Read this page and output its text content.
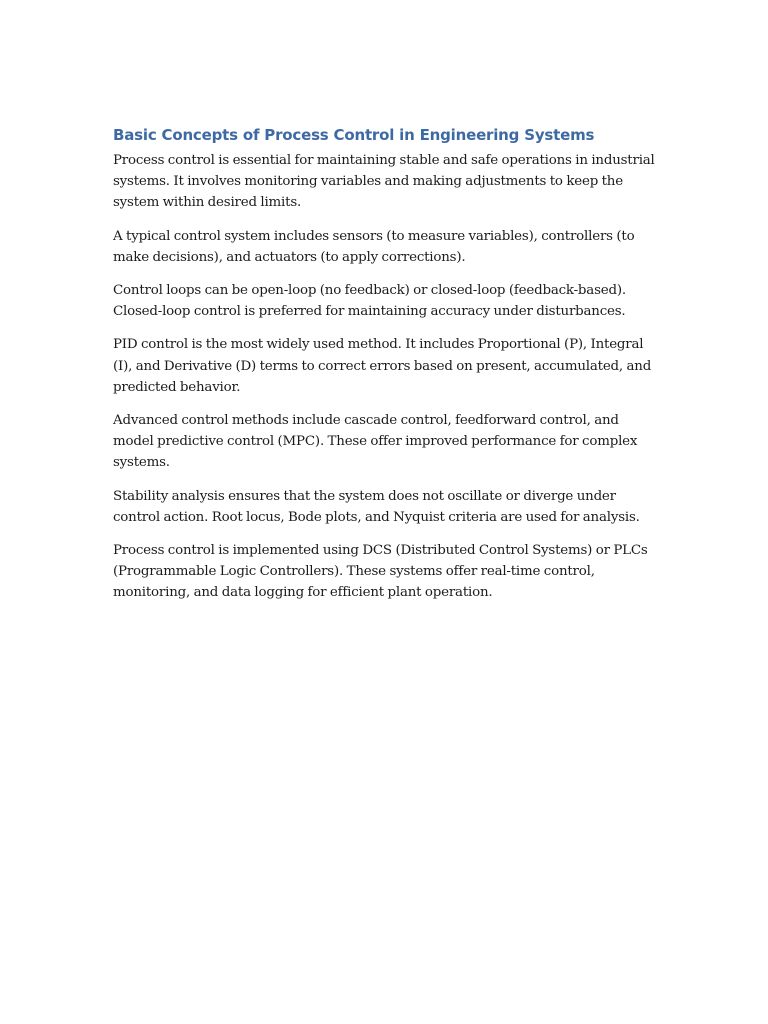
Basic Concepts of Process Control in Engineering Systems

Process control is essential for maintaining stable and safe operations in industrial systems. It involves monitoring variables and making adjustments to keep the system within desired limits.

A typical control system includes sensors (to measure variables), controllers (to make decisions), and actuators (to apply corrections).

Control loops can be open-loop (no feedback) or closed-loop (feedback-based). Closed-loop control is preferred for maintaining accuracy under disturbances.

PID control is the most widely used method. It includes Proportional (P), Integral (I), and Derivative (D) terms to correct errors based on present, accumulated, and predicted behavior.

Advanced control methods include cascade control, feedforward control, and model predictive control (MPC). These offer improved performance for complex systems.

Stability analysis ensures that the system does not oscillate or diverge under control action. Root locus, Bode plots, and Nyquist criteria are used for analysis.

Process control is implemented using DCS (Distributed Control Systems) or PLCs (Programmable Logic Controllers). These systems offer real-time control, monitoring, and data logging for efficient plant operation.
